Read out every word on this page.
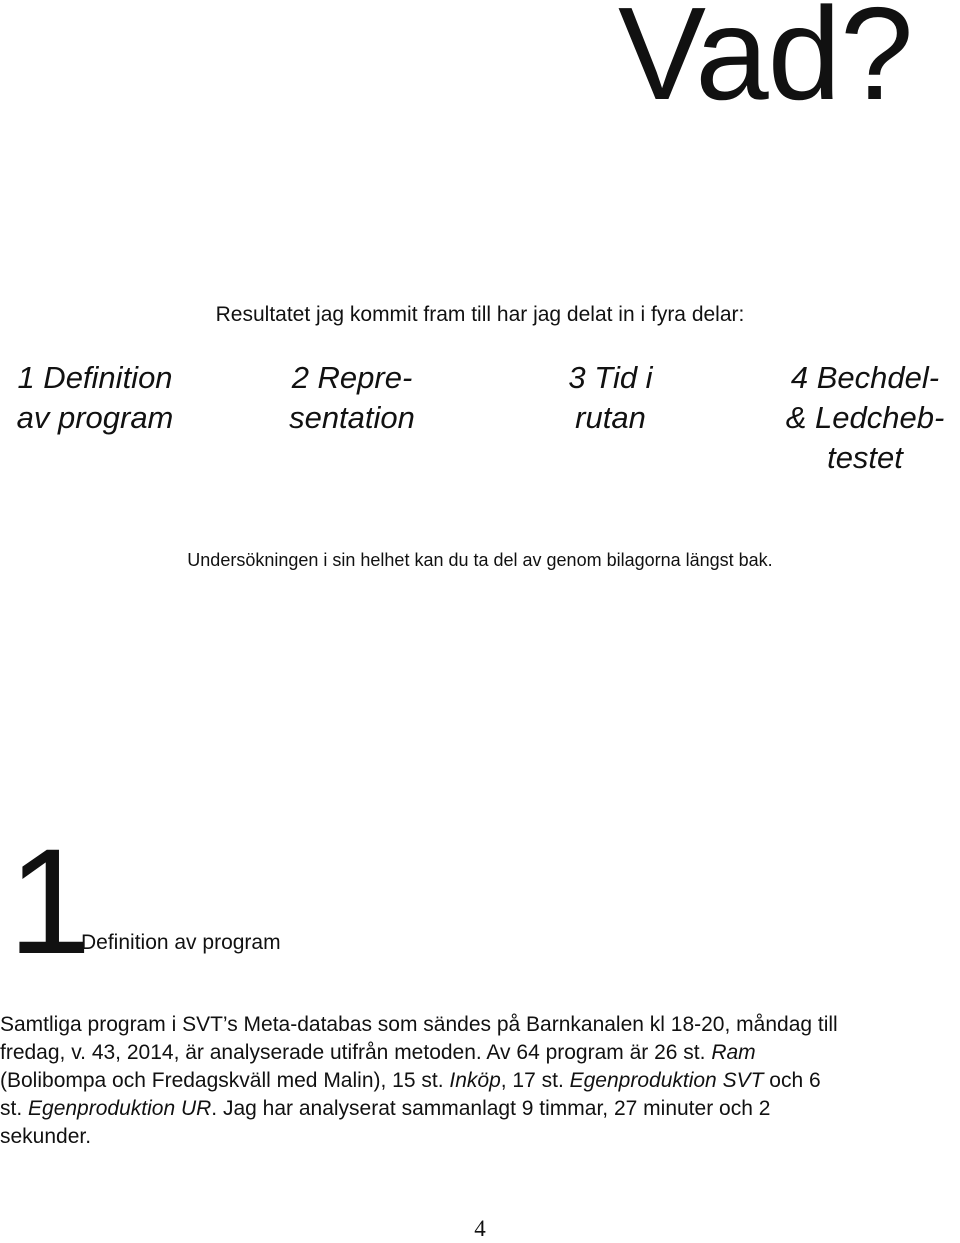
Vad?

Resultatet jag kommit fram till har jag delat in i fyra delar:

1 Definition
av program
2 Repre-
sentation
3 Tid i
rutan
4 Bechdel-
& Ledcheb-
testet

Undersökningen i sin helhet kan du ta del av genom bilagorna längst bak.

1
Definition av program
Samtliga program i SVT’s Meta-databas som sändes på Barnkanalen kl 18-20, måndag till
fredag, v. 43, 2014, är analyserade utifrån metoden. Av 64 program är 26 st. Ram
(Bolibompa och Fredagskväll med Malin), 15 st. Inköp, 17 st. Egenproduktion SVT och 6
st. Egenproduktion UR. Jag har analyserat sammanlagt 9 timmar, 27 minuter och 2
sekunder.
4
